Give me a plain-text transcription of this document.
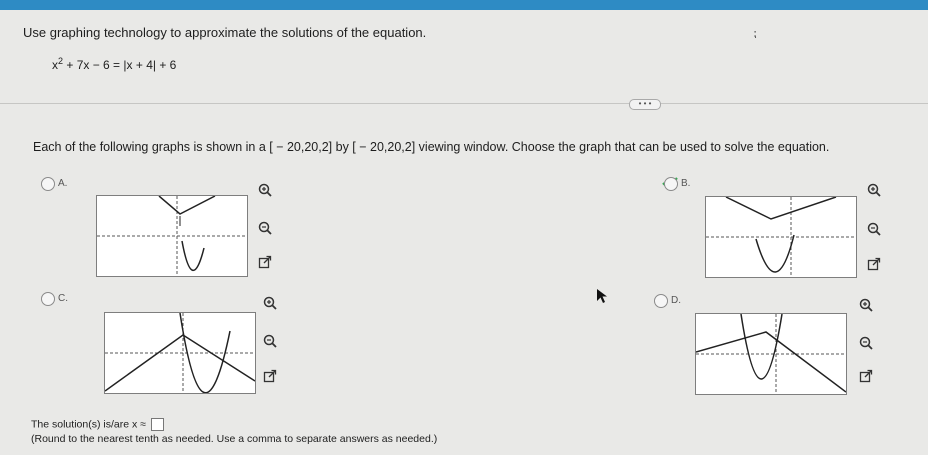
Use graphing technology to approximate the solutions of the equation.
$x^2 + 7x - 6 = |x + 4| + 6$
⁏
• • •
Each of the following graphs is shown in a [ − 20,20,2] by [ − 20,20,2] viewing window. Choose the graph that can be used to solve the equation.
A.	B.
C.	D.
The solution(s) is/are x ≈
(Round to the nearest tenth as needed. Use a comma to separate answers as needed.)
